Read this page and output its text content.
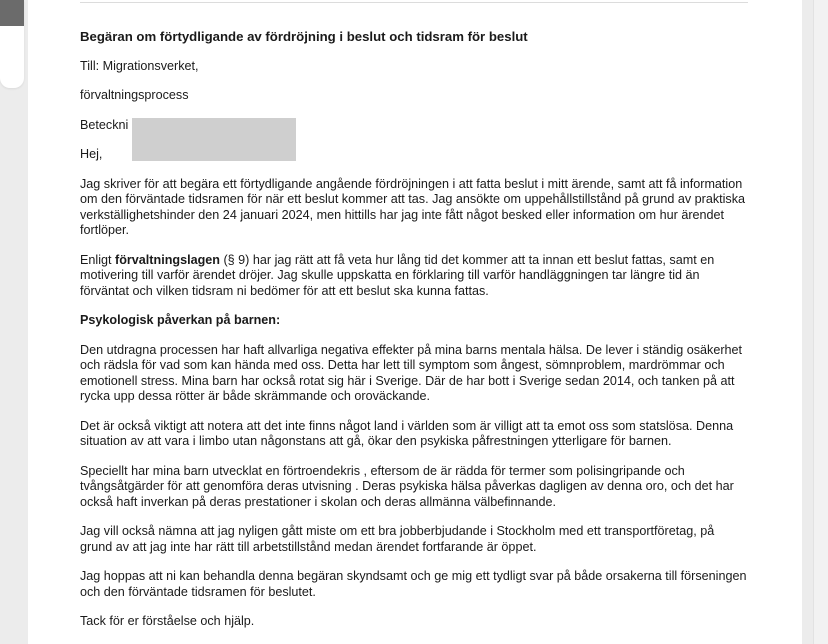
Begäran om förtydligande av fördröjning i beslut och tidsram för beslut

Till: Migrationsverket,

förvaltningsprocess

Beteckni

Hej,

Jag skriver för att begära ett förtydligande angående fördröjningen i att fatta beslut i mitt ärende, samt att få information om den förväntade tidsramen för när ett beslut kommer att tas. Jag ansökte om uppehållstillstånd på grund av praktiska verkställighetshinder den 24 januari 2024, men hittills har jag inte fått något besked eller information om hur ärendet fortlöper.

Enligt förvaltningslagen (§ 9) har jag rätt att få veta hur lång tid det kommer att ta innan ett beslut fattas, samt en motivering till varför ärendet dröjer. Jag skulle uppskatta en förklaring till varför handläggningen tar längre tid än förväntat och vilken tidsram ni bedömer för att ett beslut ska kunna fattas.

Psykologisk påverkan på barnen:

Den utdragna processen har haft allvarliga negativa effekter på mina barns mentala hälsa. De lever i ständig osäkerhet och rädsla för vad som kan hända med oss. Detta har lett till symptom som ångest, sömnproblem, mardrömmar och emotionell stress. Mina barn har också rotat sig här i Sverige. Där de har bott i Sverige sedan 2014, och tanken på att rycka upp dessa rötter är både skrämmande och oroväckande.

Det är också viktigt att notera att det inte finns något land i världen som är villigt att ta emot oss som statslösa. Denna situation av att vara i limbo utan någonstans att gå, ökar den psykiska påfrestningen ytterligare för barnen.

Speciellt har mina barn utvecklat en förtroendekris , eftersom de är rädda för termer som polisingripande och tvångsåtgärder för att genomföra deras utvisning . Deras psykiska hälsa påverkas dagligen av denna oro, och det har också haft inverkan på deras prestationer i skolan och deras allmänna välbefinnande.

Jag vill också nämna att jag nyligen gått miste om ett bra jobberbjudande i Stockholm med ett transportföretag, på grund av att jag inte har rätt till arbetstillstånd medan ärendet fortfarande är öppet.

Jag hoppas att ni kan behandla denna begäran skyndsamt och ge mig ett tydligt svar på både orsakerna till förseningen och den förväntade tidsramen för beslutet.

Tack för er förståelse och hjälp.
